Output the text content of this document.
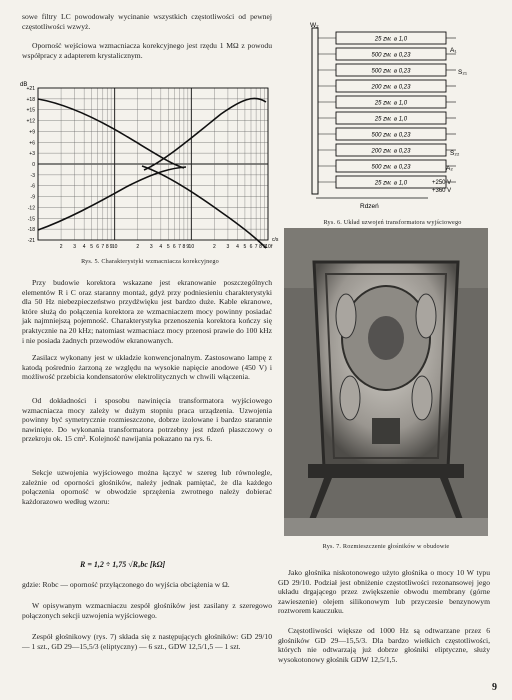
sowe filtry LC powodowały wycinanie wszystkich częstotliwości od pewnej częstotliwości wzwyż.

Oporność wejściowa wzmacniacza korekcyjnego jest rzędu 1 MΩ z powodu współpracy z adapterem krystalicznym.

+21
+18
+15
+12
+9
+6
+3
0
-3
-6
-9
-12
-15
-18
-21
2 3 4 5 6 7 8 9 10	2 3 4 5 6 7 8 9 10	2 3 4 5 6 7 8 9 10 f
c/s
dB
Rys. 5. Charakterystyki wzmacniacza korekcyjnego
25 zw. ⌀ 1,0
500 zw. ⌀ 0,23
500 zw. ⌀ 0,23
200 zw. ⌀ 0,23
25 zw. ⌀ 1,0
25 zw. ⌀ 1,0
500 zw. ⌀ 0,23
200 zw. ⌀ 0,23
500 zw. ⌀ 0,23
25 zw. ⌀ 1,0
W₂
A₁
S₂₁
S₂₂
A₂
+250 V
+360 V
Rdzeń
Rys. 6. Układ uzwojeń transformatora wyjściowego

Przy budowie korektora wskazane jest ekranowanie poszczególnych elementów R i C oraz staranny montaż, gdyż przy podniesieniu charakterystyki dla 50 Hz niebezpieczeństwo przydźwięku jest bardzo duże. Kable ekranowe, które służą do połączenia korektora ze wzmacniaczem mocy powinny posiadać jak najmniejszą pojemność. Charakterystyka przenoszenia korektora kończy się praktycznie na 20 kHz; natomiast wzmacniacz mocy przenosi prawie do 100 kHz i nie posiada żadnych przewodów ekranowanych.

Zasilacz wykonany jest w układzie konwencjonalnym. Zastosowano lampę z katodą pośrednio żarzoną ze względu na wysokie napięcie anodowe (450 V) i możliwość przebicia kondensatorów elektrolitycznych w chwili włączenia.

Od dokładności i sposobu nawinięcia transformatora wyjściowego wzmacniacza mocy zależy w dużym stopniu praca urządzenia. Uzwojenia powinny być symetrycznie rozmieszczone, dobrze izolowane i bardzo starannie nawinięte. Do wykonania transformatora potrzebny jest rdzeń płaszczowy o przekroju ok. 15 cm². Kolejność nawijania pokazano na rys. 6.

Sekcje uzwojenia wyjściowego można łączyć w szereg lub równolegle, zależnie od oporności głośników, należy jednak pamiętać, że dla każdego połączenia oporność w obwodzie sprzężenia zwrotnego należy dobierać każdorazowo według wzoru:

R = 1,2 ÷ 1,75 √Rₒbc [kΩ]

gdzie: Robc — oporność przyłączonego do wyjścia obciążenia w Ω.

W opisywanym wzmacniaczu zespół głośników jest zasilany z szeregowo połączonych sekcji uzwojenia wyjściowego.

Zespół głośnikowy (rys. 7) składa się z następujących głośników: GD 29/10 — 1 szt., GD 29—15,5/3 (eliptyczny) — 6 szt., GDW 12,5/1,5 — 1 szt.

Rys. 7. Rozmieszczenie głośników w obudowie

Jako głośnika niskotonowego użyto głośnika o mocy 10 W typu GD 29/10. Podział jest obniżenie częstotliwości rezonansowej jego układu drgającego przez zwiększenie obwodu membrany (górne zawieszenie) olejem silikonowym lub przyczesie benzynowym roztworem kauczuku.

Częstotliwości większe od 1000 Hz są odtwarzane przez 6 głośników GD 29—15,5/3. Dla bardzo wielkich częstotliwości, których nie odtwarzają już dobrze głośniki eliptyczne, służy wysokotonowy głośnik GDW 12,5/1,5.

9
